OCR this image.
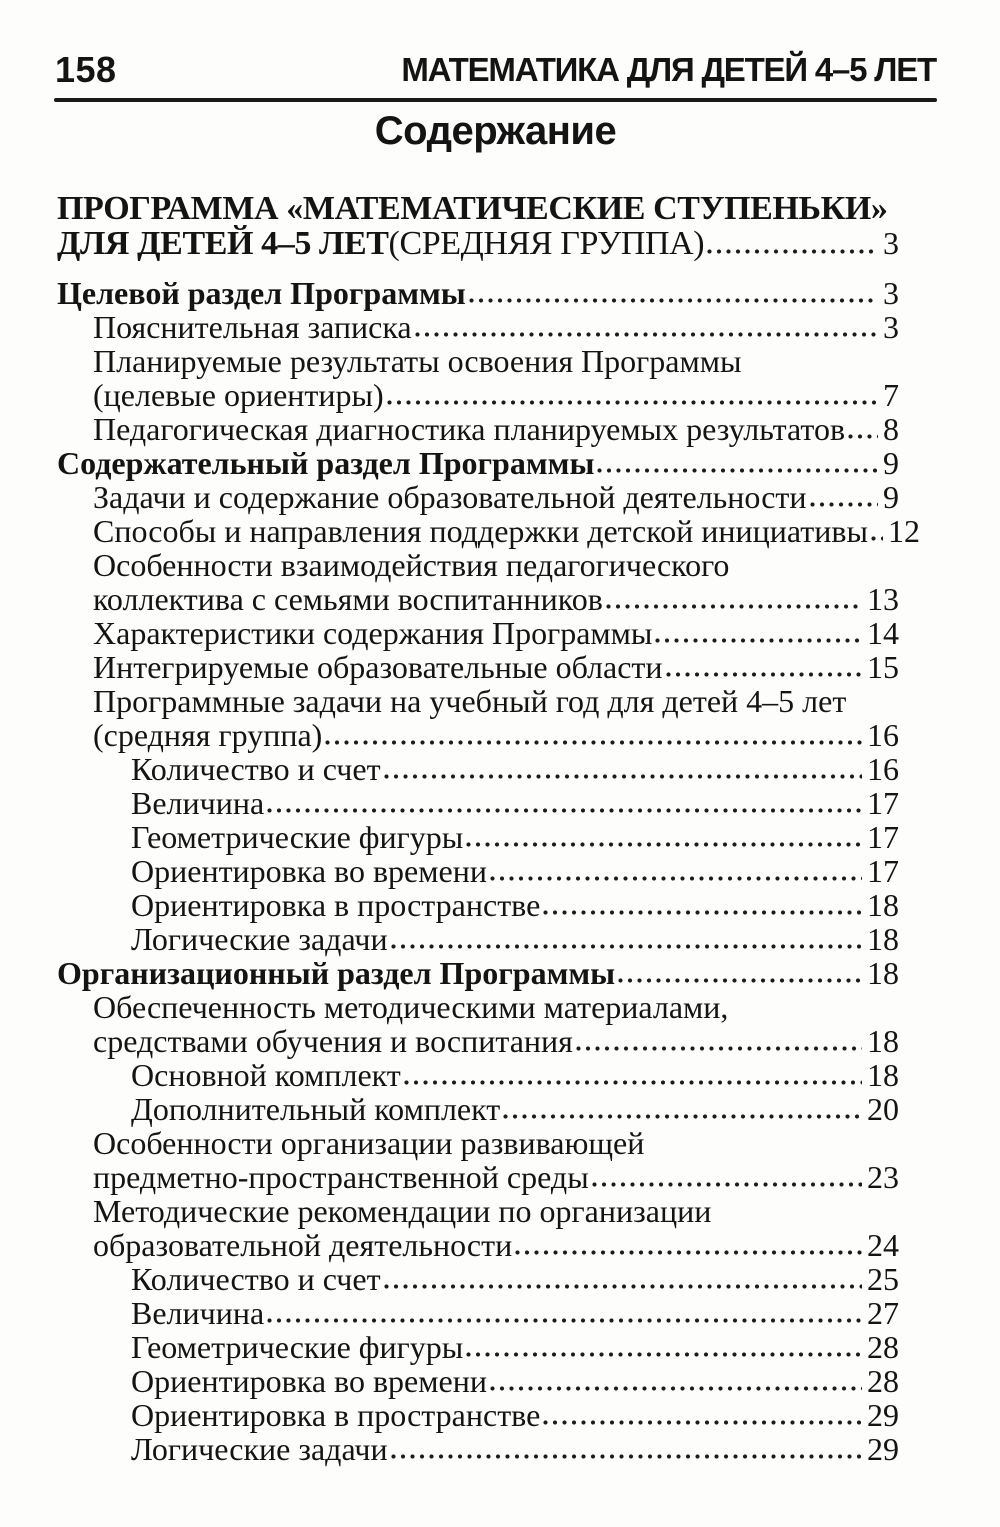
158	МАТЕМАТИКА ДЛЯ ДЕТЕЙ 4–5 ЛЕТ
Содержание
ПРОГРАММА «МАТЕМАТИЧЕСКИЕ СТУПЕНЬКИ»
ДЛЯ ДЕТЕЙ 4–5 ЛЕТ (СРЕДНЯЯ ГРУППА)	3
Целевой раздел Программы	3
Пояснительная записка	3
Планируемые результаты освоения Программы
(целевые ориентиры)	7
Педагогическая диагностика планируемых результатов 8
Содержательный раздел Программы	9
Задачи и содержание образовательной деятельности 9
Способы и направления поддержки детской инициативы 12
Особенности взаимодействия педагогического
коллектива с семьями воспитанников	13
Характеристики содержания Программы	14
Интегрируемые образовательные области	15
Программные задачи на учебный год для детей 4–5 лет
(средняя группа)	16
Количество и счет	16
Величина	17
Геометрические фигуры	17
Ориентировка во времени	17
Ориентировка в пространстве	18
Логические задачи	18
Организационный раздел Программы	18
Обеспеченность методическими материалами,
средствами обучения и воспитания	18
Основной комплект	18
Дополнительный комплект	20
Особенности организации развивающей
предметно-пространственной среды	23
Методические рекомендации по организации
образовательной деятельности	24
Количество и счет	25
Величина	27
Геометрические фигуры	28
Ориентировка во времени	28
Ориентировка в пространстве	29
Логические задачи	29
